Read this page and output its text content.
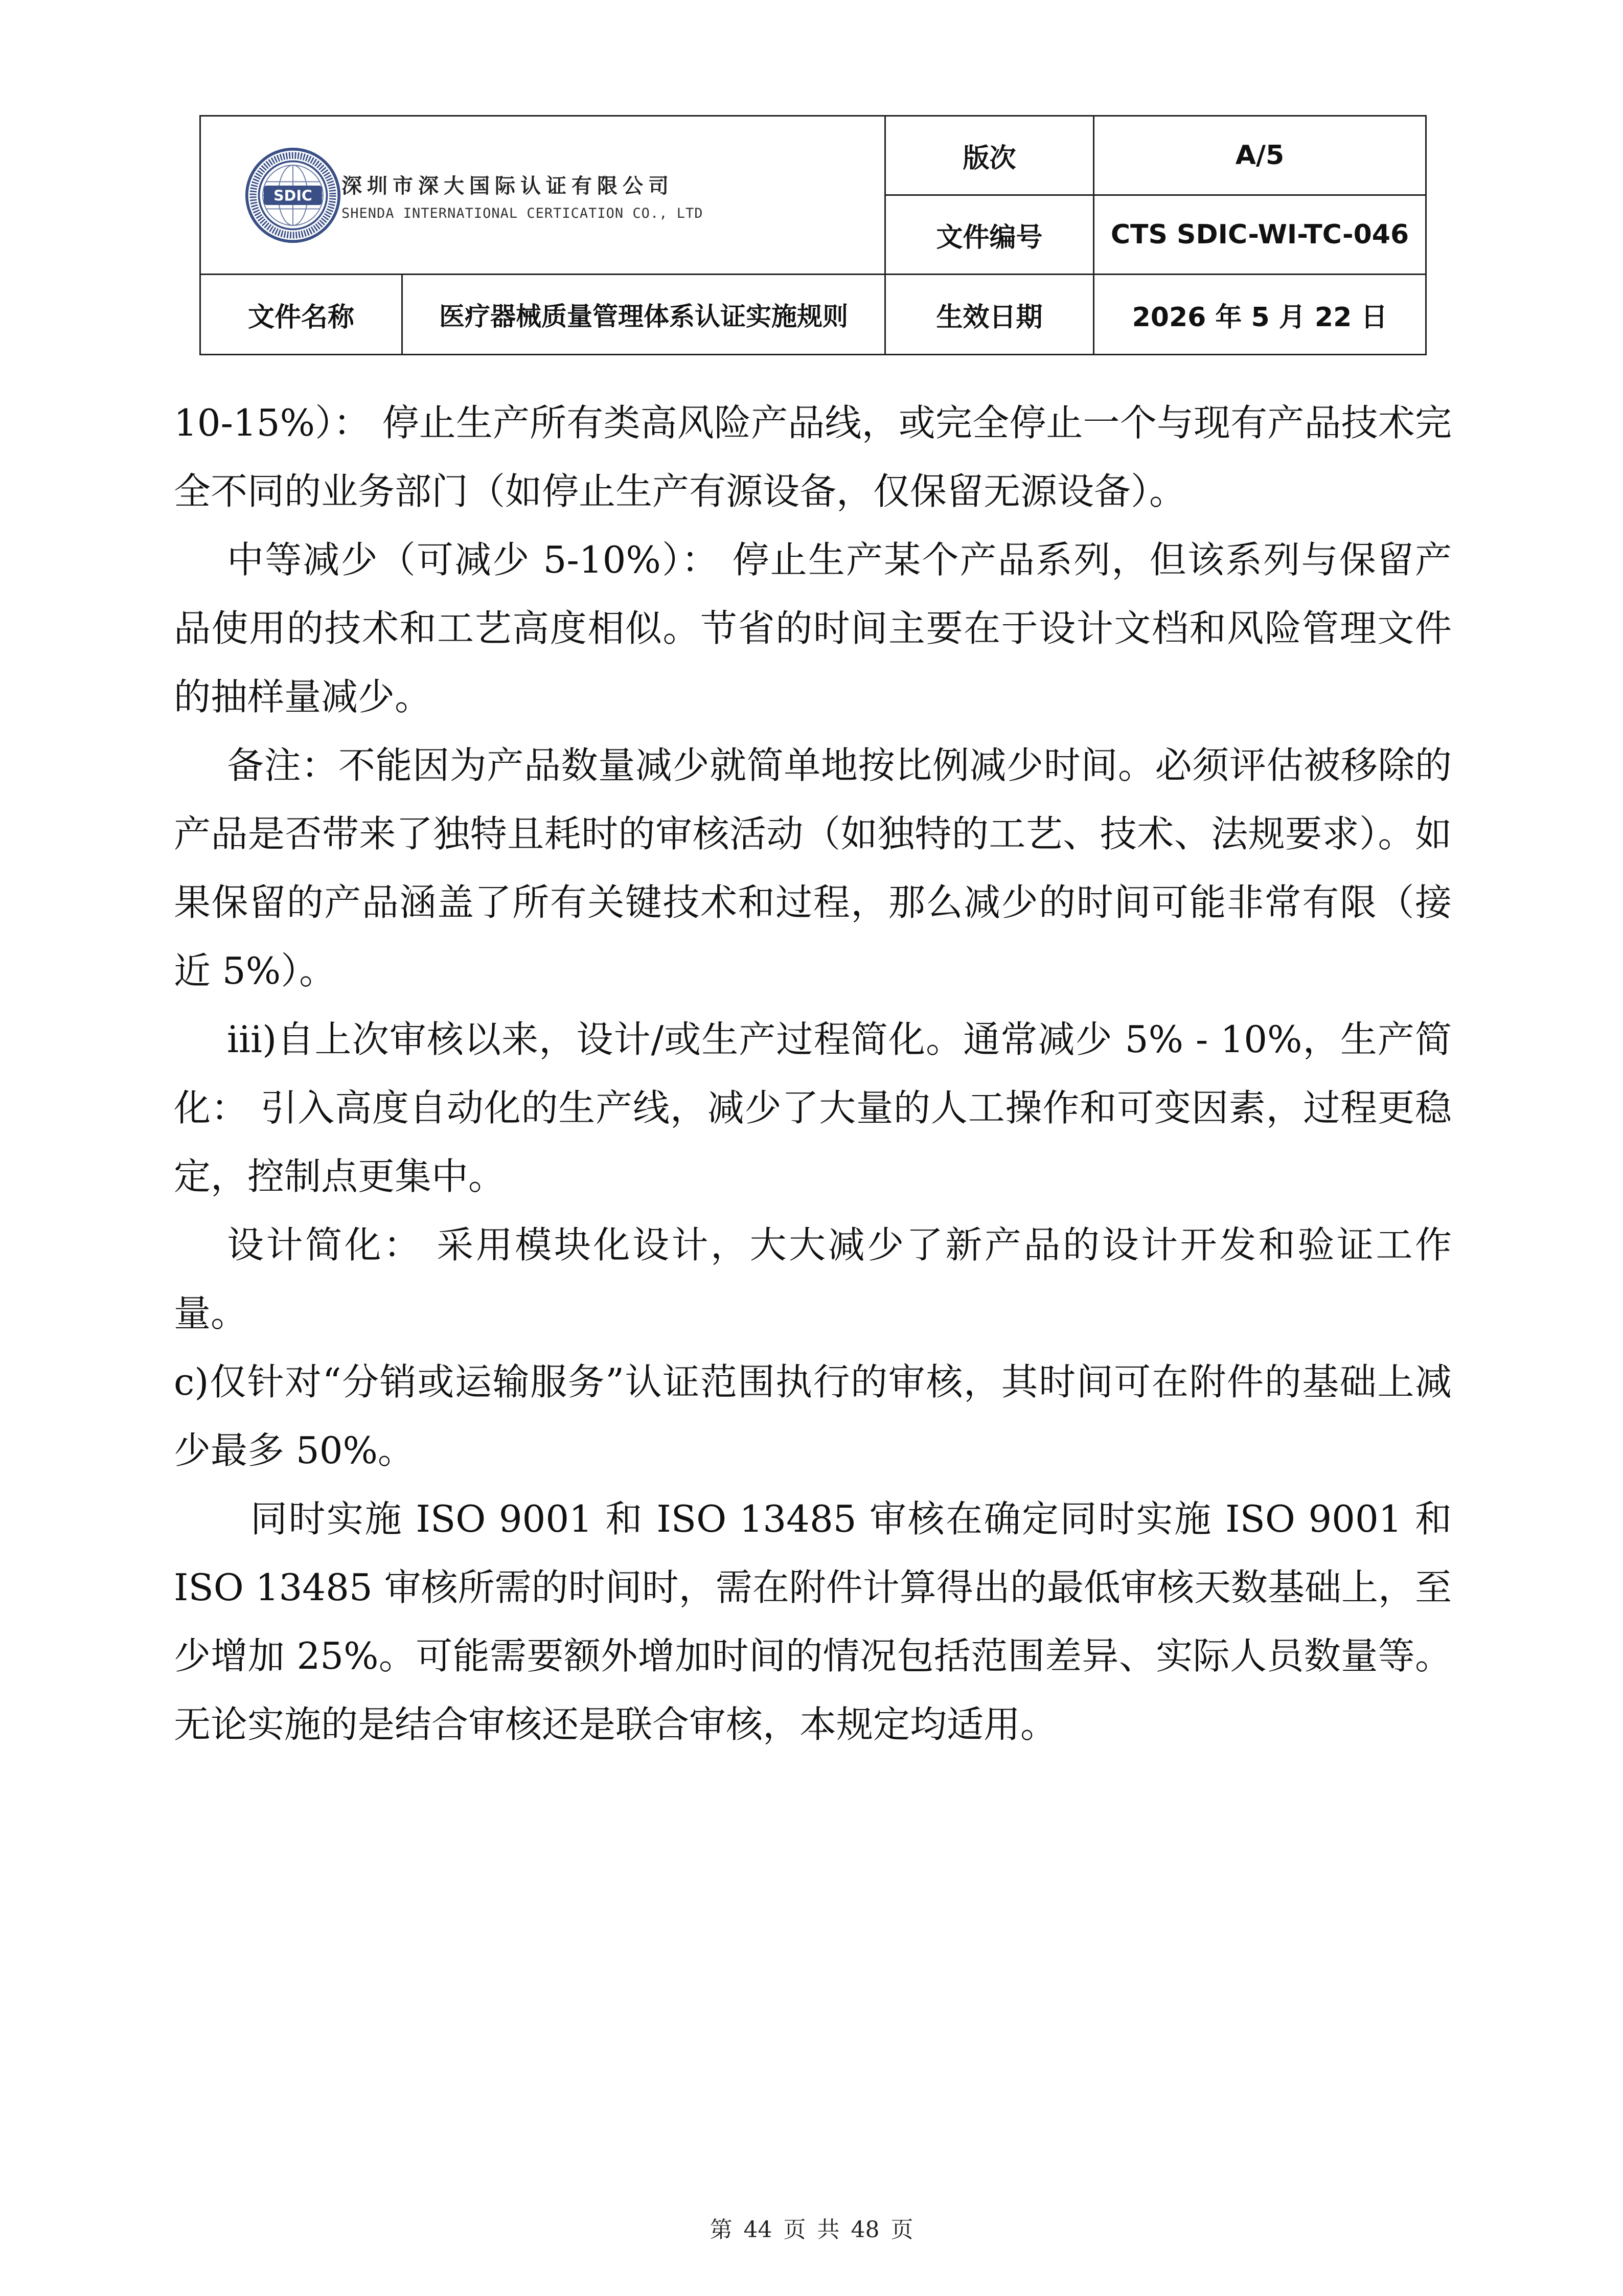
SDIC 深圳市深大国际认证有限公司
SHENDA INTERNATIONAL CERTICATION CO., LTD		版次	A/5
		文件编号	CTS SDIC-WI-TC-046
文件名称	医疗器械质量管理体系认证实施规则	生效日期	2026 年 5 月 22 日

10-15%）： 停止生产所有类高风险产品线，或完全停止一个与现有产品技术完全不同的业务部门（如停止生产有源设备，仅保留无源设备）。

中等减少（可减少 5-10%）： 停止生产某个产品系列，但该系列与保留产品使用的技术和工艺高度相似。节省的时间主要在于设计文档和风险管理文件的抽样量减少。

备注：不能因为产品数量减少就简单地按比例减少时间。必须评估被移除的产品是否带来了独特且耗时的审核活动（如独特的工艺、技术、法规要求）。如果保留的产品涵盖了所有关键技术和过程，那么减少的时间可能非常有限（接近 5%）。

iii)自上次审核以来，设计/或生产过程简化。通常减少 5% - 10%，生产简化： 引入高度自动化的生产线，减少了大量的人工操作和可变因素，过程更稳定，控制点更集中。

设计简化： 采用模块化设计，大大减少了新产品的设计开发和验证工作量。

c)仅针对“分销或运输服务”认证范围执行的审核，其时间可在附件的基础上减少最多 50%。

同时实施 ISO 9001 和 ISO 13485 审核在确定同时实施 ISO 9001 和 ISO 13485 审核所需的时间时，需在附件计算得出的最低审核天数基础上，至少增加 25%。可能需要额外增加时间的情况包括范围差异、实际人员数量等。无论实施的是结合审核还是联合审核，本规定均适用。

第 44 页 共 48 页
